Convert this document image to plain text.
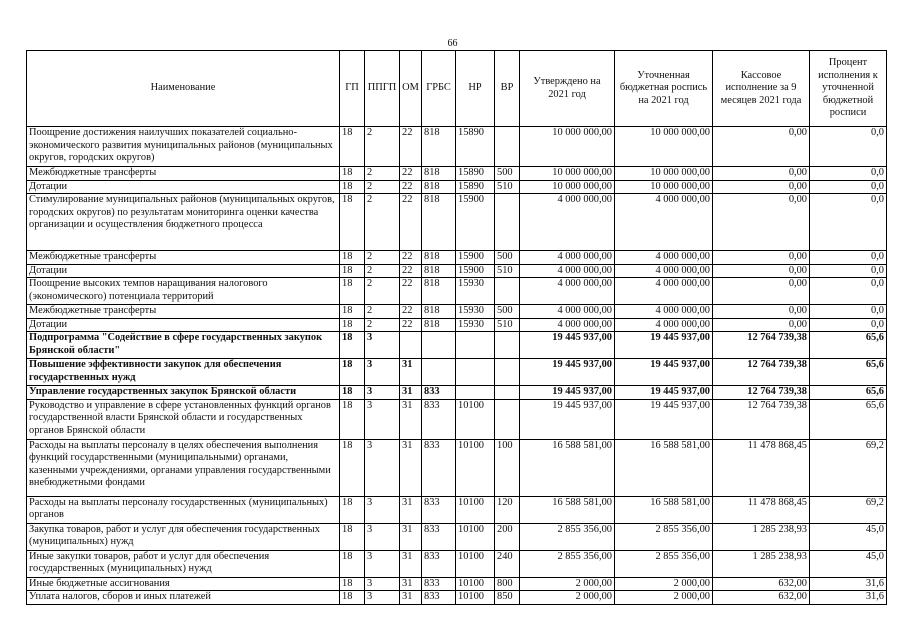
66
Наименование	ГП	ППГП	ОМ	ГРБС	НР	ВР	Утверждено на 2021 год	Уточненная бюджетная роспись на 2021 год	Кассовое исполнение за 9 месяцев 2021 года	Процент исполнения к уточненной бюджетной росписи
Поощрение достижения наилучших показателей социально-экономического развития муниципальных районов (муниципальных округов, городских округов)	18	2	22	818	15890		10 000 000,00	10 000 000,00	0,00	0,0
Межбюджетные трансферты	18	2	22	818	15890	500	10 000 000,00	10 000 000,00	0,00	0,0
Дотации	18	2	22	818	15890	510	10 000 000,00	10 000 000,00	0,00	0,0
Стимулирование муниципальных районов (муниципальных округов, городских округов) по результатам мониторинга оценки качества организации и осуществления бюджетного процесса	18	2	22	818	15900		4 000 000,00	4 000 000,00	0,00	0,0
Межбюджетные трансферты	18	2	22	818	15900	500	4 000 000,00	4 000 000,00	0,00	0,0
Дотации	18	2	22	818	15900	510	4 000 000,00	4 000 000,00	0,00	0,0
Поощрение высоких темпов наращивания налогового (экономического) потенциала территорий	18	2	22	818	15930		4 000 000,00	4 000 000,00	0,00	0,0
Межбюджетные трансферты	18	2	22	818	15930	500	4 000 000,00	4 000 000,00	0,00	0,0
Дотации	18	2	22	818	15930	510	4 000 000,00	4 000 000,00	0,00	0,0
Подпрограмма "Содействие в сфере государственных закупок Брянской области"	18	3					19 445 937,00	19 445 937,00	12 764 739,38	65,6
Повышение эффективности закупок для обеспечения государственных нужд	18	3	31				19 445 937,00	19 445 937,00	12 764 739,38	65,6
Управление государственных закупок Брянской области	18	3	31	833			19 445 937,00	19 445 937,00	12 764 739,38	65,6
Руководство и управление в сфере установленных функций органов государственной власти Брянской области и государственных органов Брянской области	18	3	31	833	10100		19 445 937,00	19 445 937,00	12 764 739,38	65,6
Расходы на выплаты персоналу в целях обеспечения выполнения функций государственными (муниципальными) органами, казенными учреждениями, органами управления государственными внебюджетными фондами	18	3	31	833	10100	100	16 588 581,00	16 588 581,00	11 478 868,45	69,2
Расходы на выплаты персоналу государственных (муниципальных) органов	18	3	31	833	10100	120	16 588 581,00	16 588 581,00	11 478 868,45	69,2
Закупка товаров, работ и услуг для обеспечения государственных (муниципальных) нужд	18	3	31	833	10100	200	2 855 356,00	2 855 356,00	1 285 238,93	45,0
Иные закупки товаров, работ и услуг для обеспечения государственных (муниципальных) нужд	18	3	31	833	10100	240	2 855 356,00	2 855 356,00	1 285 238,93	45,0
Иные бюджетные ассигнования	18	3	31	833	10100	800	2 000,00	2 000,00	632,00	31,6
Уплата налогов, сборов и иных платежей	18	3	31	833	10100	850	2 000,00	2 000,00	632,00	31,6
